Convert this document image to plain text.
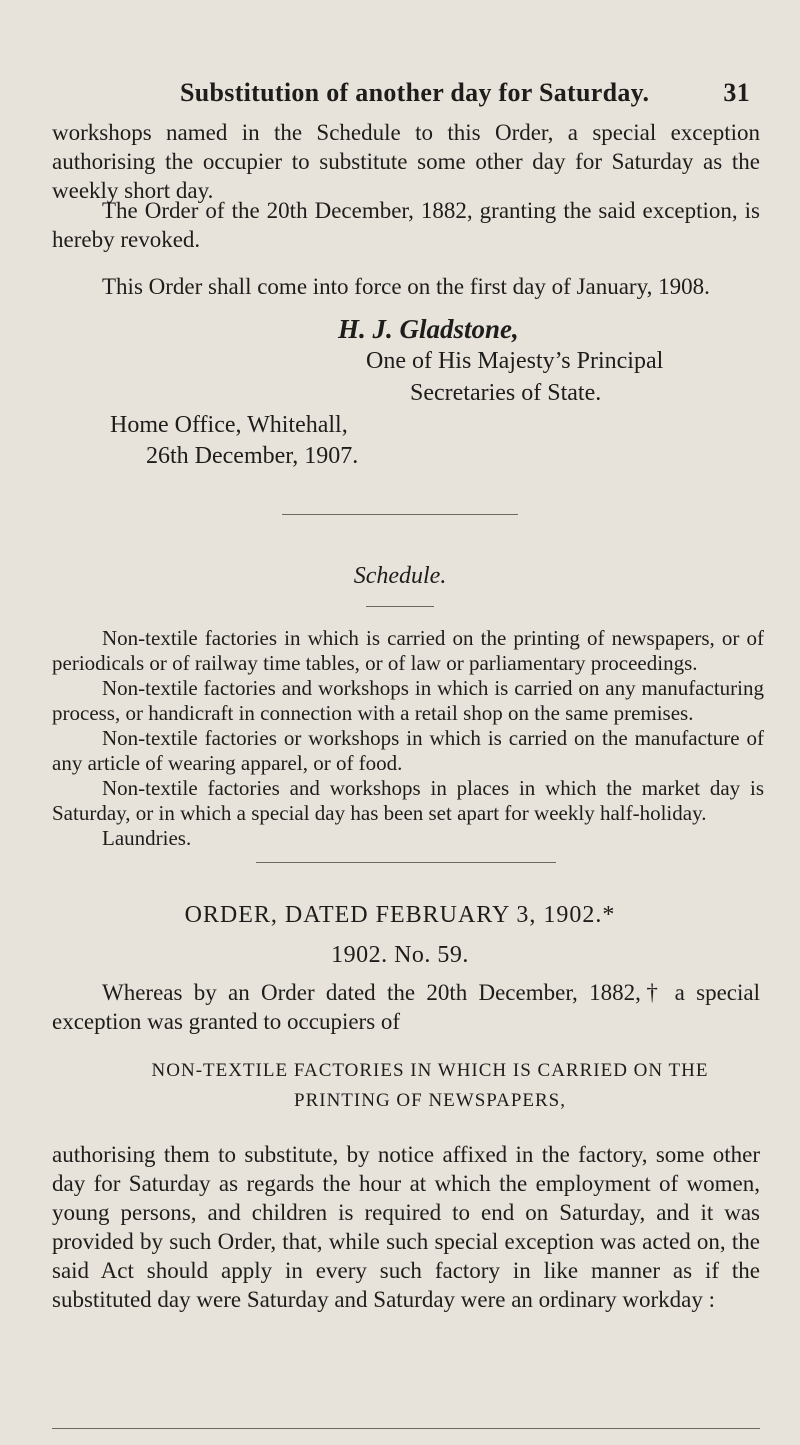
Substitution of another day for Saturday.	31

workshops named in the Schedule to this Order, a special exception authorising the occupier to substitute some other day for Saturday as the weekly short day.

The Order of the 20th December, 1882, granting the said exception, is hereby revoked.

This Order shall come into force on the first day of January, 1908.

H. J. Gladstone,
One of His Majesty’s Principal
Secretaries of State.
Home Office, Whitehall,
26th December, 1907.
Schedule.

Non-textile factories in which is carried on the printing of newspapers, or of periodicals or of railway time tables, or of law or parliamentary proceedings.

Non-textile factories and workshops in which is carried on any manufacturing process, or handicraft in connection with a retail shop on the same premises.

Non-textile factories or workshops in which is carried on the manufacture of any article of wearing apparel, or of food.

Non-textile factories and workshops in places in which the market day is Saturday, or in which a special day has been set apart for weekly half-holiday.

Laundries.

ORDER, DATED FEBRUARY 3, 1902.*
1902. No. 59.

Whereas by an Order dated the 20th December, 1882,† a special exception was granted to occupiers of

NON-TEXTILE FACTORIES IN WHICH IS CARRIED ON THE PRINTING OF NEWSPAPERS,

authorising them to substitute, by notice affixed in the factory, some other day for Saturday as regards the hour at which the employment of women, young persons, and children is required to end on Saturday, and it was provided by such Order, that, while such special exception was acted on, the said Act should apply in every such factory in like manner as if the substituted day were Saturday and Saturday were an ordinary workday :
